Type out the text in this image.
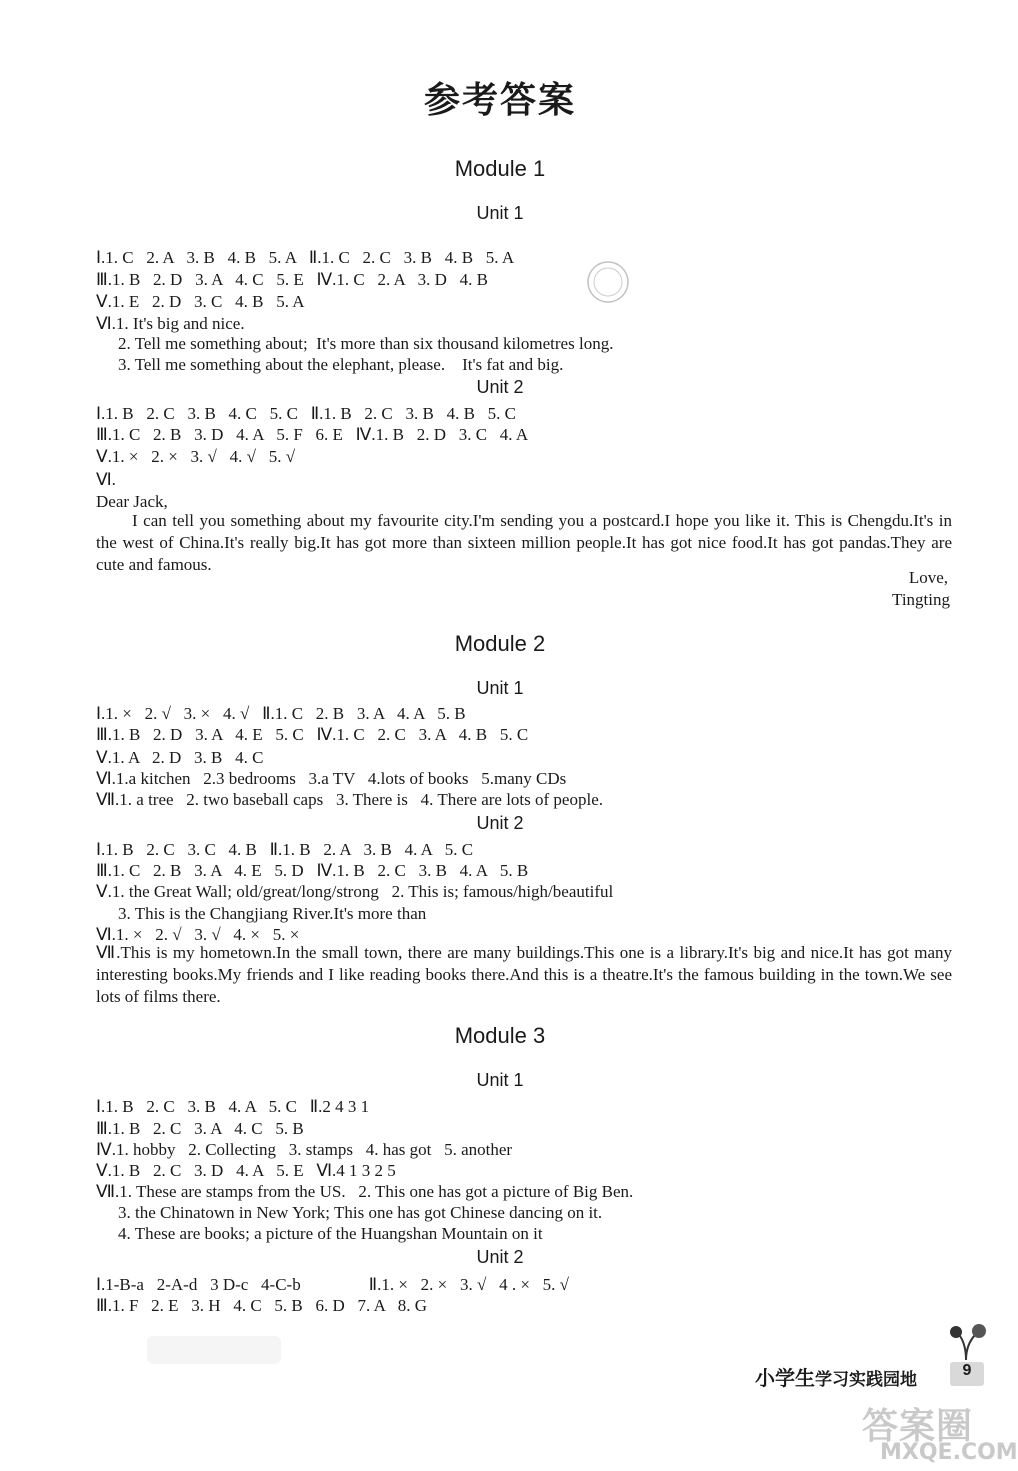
参考答案
Module 1
Unit 1
Ⅰ.1. C   2. A   3. B   4. B   5. A   Ⅱ.1. C   2. C   3. B   4. B   5. A
Ⅲ.1. B   2. D   3. A   4. C   5. E   Ⅳ.1. C   2. A   3. D   4. B
Ⅴ.1. E   2. D   3. C   4. B   5. A
Ⅵ.1. It's big and nice.
2. Tell me something about;  It's more than six thousand kilometres long.
3. Tell me something about the elephant, please.    It's fat and big.
Unit 2
Ⅰ.1. B   2. C   3. B   4. C   5. C   Ⅱ.1. B   2. C   3. B   4. B   5. C
Ⅲ.1. C   2. B   3. D   4. A   5. F   6. E   Ⅳ.1. B   2. D   3. C   4. A
Ⅴ.1. ×   2. ×   3. √   4. √   5. √
Ⅵ.
Dear Jack,
I can tell you something about my favourite city.I'm sending you a postcard.I hope you like it. This is Chengdu.It's in the west of China.It's really big.It has got more than sixteen million people.It has got nice food.It has got pandas.They are cute and famous.
Love,
Tingting
Module 2
Unit 1
Ⅰ.1. ×   2. √   3. ×   4. √   Ⅱ.1. C   2. B   3. A   4. A   5. B
Ⅲ.1. B   2. D   3. A   4. E   5. C   Ⅳ.1. C   2. C   3. A   4. B   5. C
Ⅴ.1. A   2. D   3. B   4. C
Ⅵ.1.a kitchen   2.3 bedrooms   3.a TV   4.lots of books   5.many CDs
Ⅶ.1. a tree   2. two baseball caps   3. There is   4. There are lots of people.
Unit 2
Ⅰ.1. B   2. C   3. C   4. B   Ⅱ.1. B   2. A   3. B   4. A   5. C
Ⅲ.1. C   2. B   3. A   4. E   5. D   Ⅳ.1. B   2. C   3. B   4. A   5. B
Ⅴ.1. the Great Wall; old/great/long/strong   2. This is; famous/high/beautiful
3. This is the Changjiang River.It's more than
Ⅵ.1. ×   2. √   3. √   4. ×   5. ×
Ⅶ.This is my hometown.In the small town, there are many buildings.This one is a library.It's big and nice.It has got many interesting books.My friends and I like reading books there.And this is a theatre.It's the famous building in the town.We see lots of films there.
Module 3
Unit 1
Ⅰ.1. B   2. C   3. B   4. A   5. C   Ⅱ.2 4 3 1
Ⅲ.1. B   2. C   3. A   4. C   5. B
Ⅳ.1. hobby   2. Collecting   3. stamps   4. has got   5. another
Ⅴ.1. B   2. C   3. D   4. A   5. E   Ⅵ.4 1 3 2 5
Ⅶ.1. These are stamps from the US.   2. This one has got a picture of Big Ben.
3. the Chinatown in New York; This one has got Chinese dancing on it.
4. These are books; a picture of the Huangshan Mountain on it
Unit 2
Ⅰ.1-B-a   2-A-d   3 D-c   4-C-b                Ⅱ.1. ×   2. ×   3. √   4 . ×   5. √
Ⅲ.1. F   2. E   3. H   4. C   5. B   6. D   7. A   8. G
小学生学习实践园地	9
答案圈
MXQE.COM
